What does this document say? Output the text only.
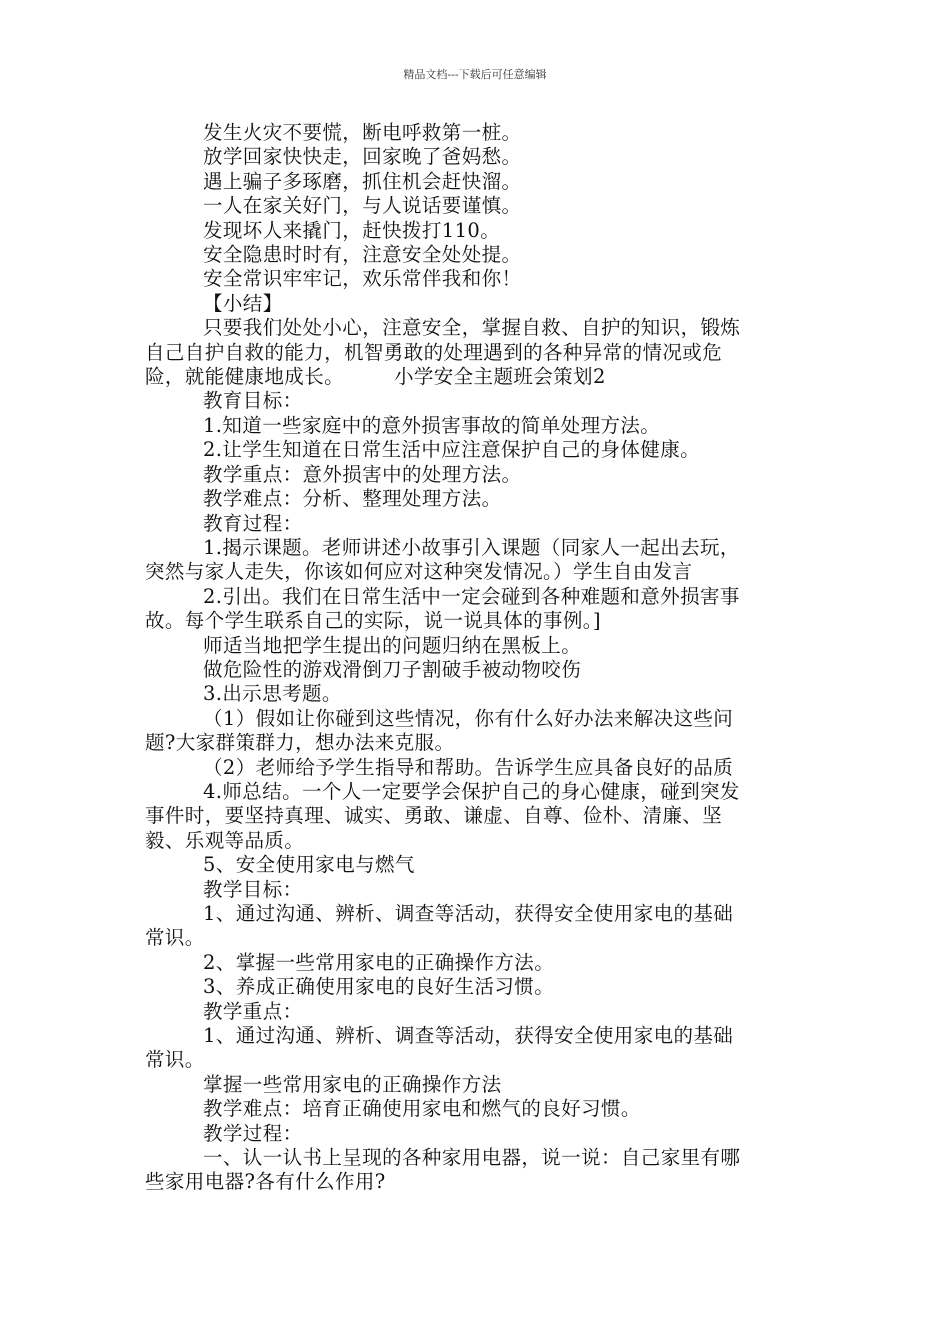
精品文档---下载后可任意编辑

发生火灾不要慌，断电呼救第一桩。

放学回家快快走，回家晚了爸妈愁。

遇上骗子多琢磨，抓住机会赶快溜。

一人在家关好门，与人说话要谨慎。

发现坏人来撬门，赶快拨打110。

安全隐患时时有，注意安全处处提。

安全常识牢牢记，欢乐常伴我和你！

【小结】

只要我们处处小心，注意安全，掌握自救、自护的知识，锻炼

自己自护自救的能力，机智勇敢的处理遇到的各种异常的情况或危

险，就能健康地成长。　　　小学安全主题班会策划2

教育目标：

1.知道一些家庭中的意外损害事故的简单处理方法。

2.让学生知道在日常生活中应注意保护自己的身体健康。

教学重点：意外损害中的处理方法。

教学难点：分析、整理处理方法。

教育过程：

1.揭示课题。老师讲述小故事引入课题（同家人一起出去玩，

突然与家人走失，你该如何应对这种突发情况。）学生自由发言

2.引出。我们在日常生活中一定会碰到各种难题和意外损害事

故。每个学生联系自己的实际，说一说具体的事例。]

师适当地把学生提出的问题归纳在黑板上。

做危险性的游戏滑倒刀子割破手被动物咬伤

3.出示思考题。

（1）假如让你碰到这些情况，你有什么好办法来解决这些问

题?大家群策群力，想办法来克服。

（2）老师给予学生指导和帮助。告诉学生应具备良好的品质

4.师总结。一个人一定要学会保护自己的身心健康，碰到突发

事件时，要坚持真理、诚实、勇敢、谦虚、自尊、俭朴、清廉、坚

毅、乐观等品质。

5、安全使用家电与燃气

教学目标：

1、通过沟通、辨析、调查等活动，获得安全使用家电的基础

常识。

2、掌握一些常用家电的正确操作方法。

3、养成正确使用家电的良好生活习惯。

教学重点：

1、通过沟通、辨析、调查等活动，获得安全使用家电的基础

常识。

掌握一些常用家电的正确操作方法

教学难点：培育正确使用家电和燃气的良好习惯。

教学过程：

一、认一认书上呈现的各种家用电器，说一说：自己家里有哪

些家用电器?各有什么作用?
